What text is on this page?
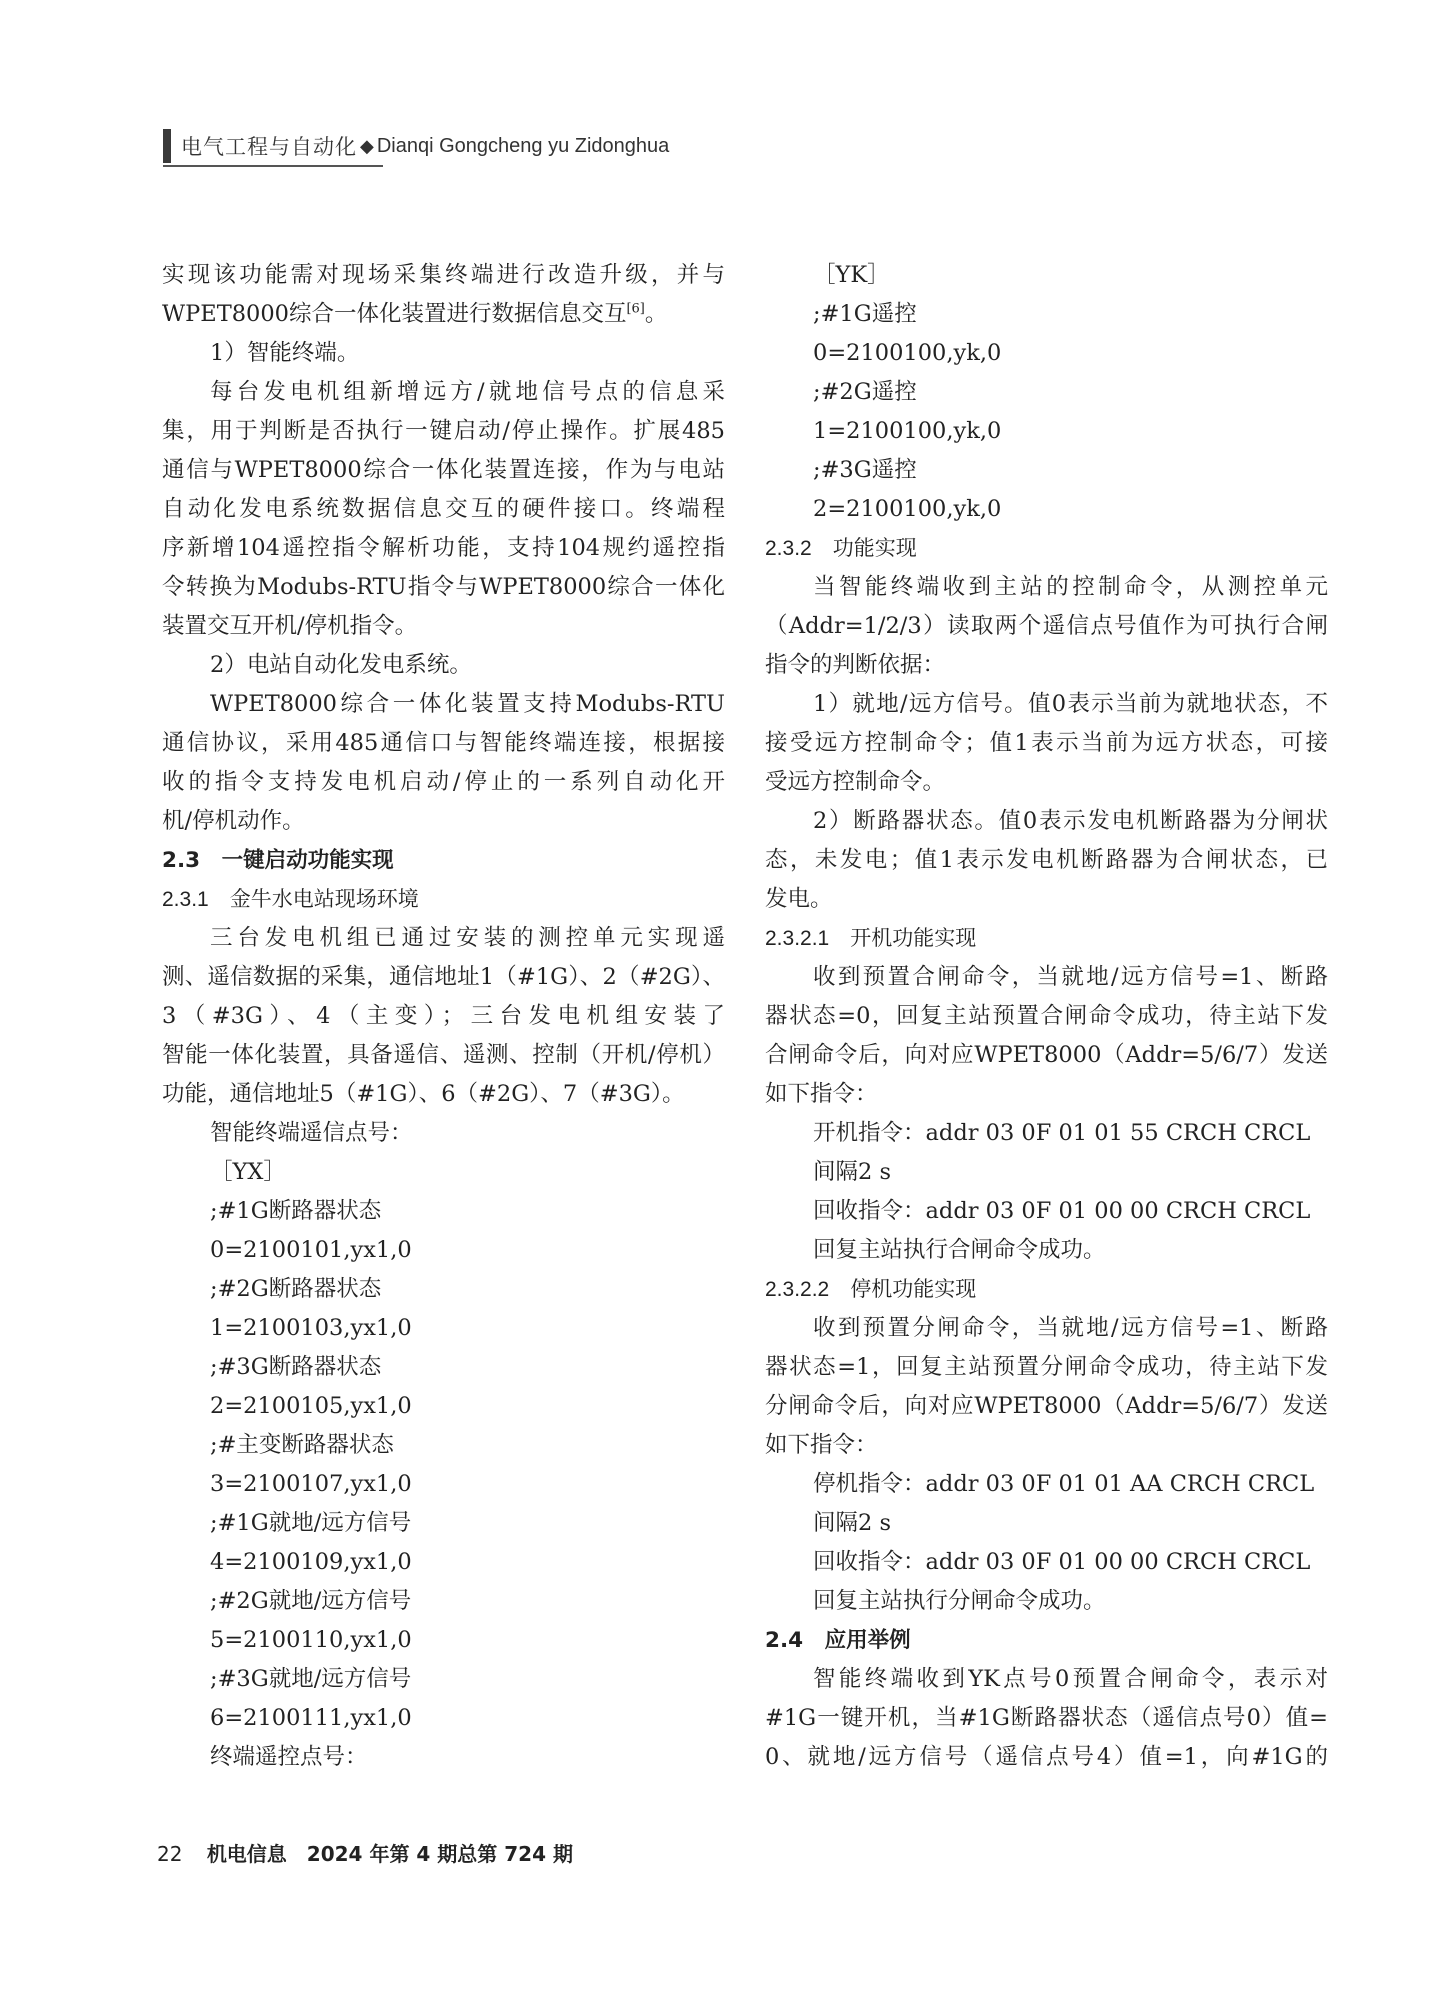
电气工程与自动化 ◆ Dianqi Gongcheng yu Zidonghua
实现该功能需对现场采集终端进行改造升级，并与
WPET8000综合一体化装置进行数据信息交互[6]。
1）智能终端。
每台发电机组新增远方/就地信号点的信息采
集，用于判断是否执行一键启动/停止操作。扩展485
通信与WPET8000综合一体化装置连接，作为与电站
自动化发电系统数据信息交互的硬件接口。终端程
序新增104遥控指令解析功能，支持104规约遥控指
令转换为Modubs-RTU指令与WPET8000综合一体化
装置交互开机/停机指令。
2）电站自动化发电系统。
WPET8000综合一体化装置支持Modubs-RTU
通信协议，采用485通信口与智能终端连接，根据接
收的指令支持发电机启动/停止的一系列自动化开
机/停机动作。
2.3　一键启动功能实现
2.3.1　金牛水电站现场环境
三台发电机组已通过安装的测控单元实现遥
测、遥信数据的采集，通信地址1（#1G）、2（#2G）、
3（#3G）、4（主变）；三台发电机组安装了
智能一体化装置，具备遥信、遥测、控制（开机/停机）
功能，通信地址5（#1G）、6（#2G）、7（#3G）。
智能终端遥信点号：
［YX］
;#1G断路器状态
0=2100101,yx1,0
;#2G断路器状态
1=2100103,yx1,0
;#3G断路器状态
2=2100105,yx1,0
;#主变断路器状态
3=2100107,yx1,0
;#1G就地/远方信号
4=2100109,yx1,0
;#2G就地/远方信号
5=2100110,yx1,0
;#3G就地/远方信号
6=2100111,yx1,0
终端遥控点号：
［YK］
;#1G遥控
0=2100100,yk,0
;#2G遥控
1=2100100,yk,0
;#3G遥控
2=2100100,yk,0
2.3.2　功能实现
当智能终端收到主站的控制命令，从测控单元
（Addr=1/2/3）读取两个遥信点号值作为可执行合闸
指令的判断依据：
1）就地/远方信号。值0表示当前为就地状态，不
接受远方控制命令；值1表示当前为远方状态，可接
受远方控制命令。
2）断路器状态。值0表示发电机断路器为分闸状
态，未发电；值1表示发电机断路器为合闸状态，已
发电。
2.3.2.1　开机功能实现
收到预置合闸命令，当就地/远方信号=1、断路
器状态=0，回复主站预置合闸命令成功，待主站下发
合闸命令后，向对应WPET8000（Addr=5/6/7）发送
如下指令：
开机指令：addr 03 0F 01 01 55 CRCH CRCL
间隔2 s
回收指令：addr 03 0F 01 00 00 CRCH CRCL
回复主站执行合闸命令成功。
2.3.2.2　停机功能实现
收到预置分闸命令，当就地/远方信号=1、断路
器状态=1，回复主站预置分闸命令成功，待主站下发
分闸命令后，向对应WPET8000（Addr=5/6/7）发送
如下指令：
停机指令：addr 03 0F 01 01 AA CRCH CRCL
间隔2 s
回收指令：addr 03 0F 01 00 00 CRCH CRCL
回复主站执行分闸命令成功。
2.4　应用举例
智能终端收到YK点号0预置合闸命令，表示对
#1G一键开机，当#1G断路器状态（遥信点号0）值=
0、就地/远方信号（遥信点号4）值=1，向#1G的
22 机电信息　2024 年第 4 期总第 724 期
